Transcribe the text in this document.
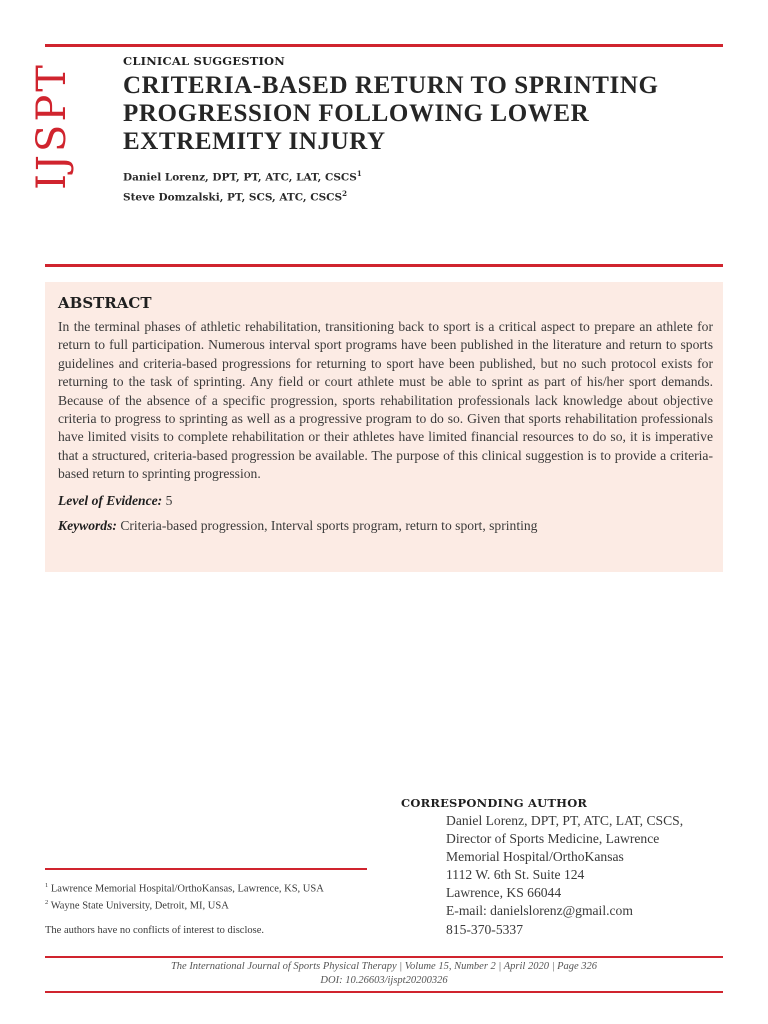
IJSPT
CLINICAL SUGGESTION
CRITERIA-BASED RETURN TO SPRINTING
PROGRESSION FOLLOWING LOWER
EXTREMITY INJURY
Daniel Lorenz, DPT, PT, ATC, LAT, CSCS$^1$
Steve Domzalski, PT, SCS, ATC, CSCS$^2$
ABSTRACT

In the terminal phases of athletic rehabilitation, transitioning back to sport is a critical aspect to prepare an athlete for return to full participation. Numerous interval sport programs have been published in the literature and return to sports guidelines and criteria-based progressions for returning to sport have been published, but no such protocol exists for returning to the task of sprinting. Any field or court athlete must be able to sprint as part of his/her sport demands. Because of the absence of a specific progression, sports rehabilitation professionals lack knowledge about objective criteria to progress to sprinting as well as a progressive program to do so. Given that sports rehabilitation professionals have limited visits to complete rehabilitation or their athletes have limited financial resources to do so, it is imperative that a structured, criteria-based progression be available. The purpose of this clinical suggestion is to provide a criteria-based return to sprinting progression.

Level of Evidence: 5
Keywords: Criteria-based progression, Interval sports program, return to sport, sprinting
CORRESPONDING AUTHOR
Daniel Lorenz, DPT, PT, ATC, LAT, CSCS,
Director of Sports Medicine, Lawrence
Memorial Hospital/OrthoKansas
1112 W. 6th St. Suite 124
Lawrence, KS 66044
E-mail: danielslorenz@gmail.com
815-370-5337
$^1$ Lawrence Memorial Hospital/OrthoKansas, Lawrence, KS, USA
$^2$ Wayne State University, Detroit, MI, USA
The authors have no conflicts of interest to disclose.
The International Journal of Sports Physical Therapy | Volume 15, Number 2 | April 2020 | Page 326
DOI: 10.26603/ijspt20200326
